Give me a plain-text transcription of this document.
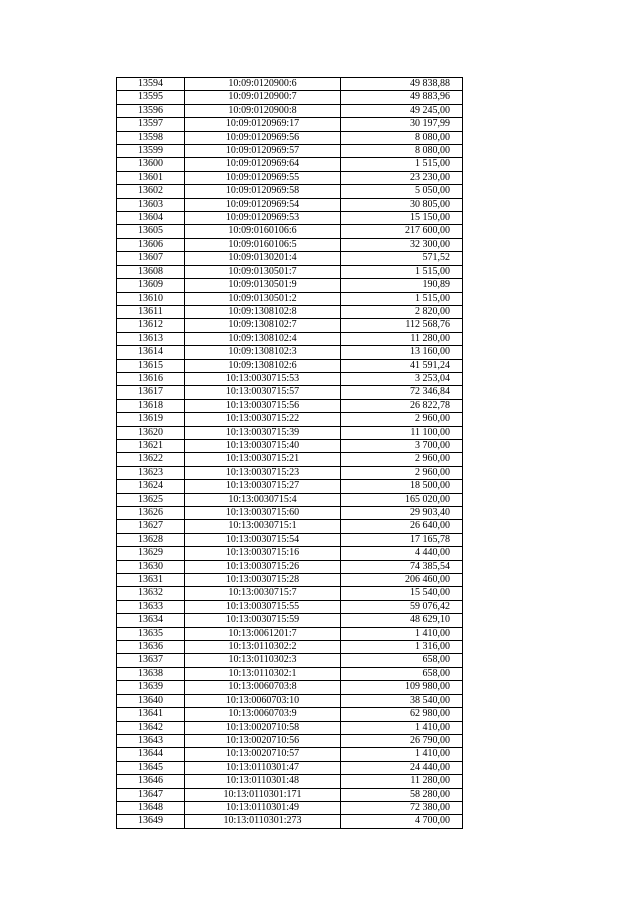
13594	10:09:0120900:6	49 838,88
13595	10:09:0120900:7	49 883,96
13596	10:09:0120900:8	49 245,00
13597	10:09:0120969:17	30 197,99
13598	10:09:0120969:56	8 080,00
13599	10:09:0120969:57	8 080,00
13600	10:09:0120969:64	1 515,00
13601	10:09:0120969:55	23 230,00
13602	10:09:0120969:58	5 050,00
13603	10:09:0120969:54	30 805,00
13604	10:09:0120969:53	15 150,00
13605	10:09:0160106:6	217 600,00
13606	10:09:0160106:5	32 300,00
13607	10:09:0130201:4	571,52
13608	10:09:0130501:7	1 515,00
13609	10:09:0130501:9	190,89
13610	10:09:0130501:2	1 515,00
13611	10:09:1308102:8	2 820,00
13612	10:09:1308102:7	112 568,76
13613	10:09:1308102:4	11 280,00
13614	10:09:1308102:3	13 160,00
13615	10:09:1308102:6	41 591,24
13616	10:13:0030715:53	3 253,04
13617	10:13:0030715:57	72 346,84
13618	10:13:0030715:56	26 822,78
13619	10:13:0030715:22	2 960,00
13620	10:13:0030715:39	11 100,00
13621	10:13:0030715:40	3 700,00
13622	10:13:0030715:21	2 960,00
13623	10:13:0030715:23	2 960,00
13624	10:13:0030715:27	18 500,00
13625	10:13:0030715:4	165 020,00
13626	10:13:0030715:60	29 903,40
13627	10:13:0030715:1	26 640,00
13628	10:13:0030715:54	17 165,78
13629	10:13:0030715:16	4 440,00
13630	10:13:0030715:26	74 385,54
13631	10:13:0030715:28	206 460,00
13632	10:13:0030715:7	15 540,00
13633	10:13:0030715:55	59 076,42
13634	10:13:0030715:59	48 629,10
13635	10:13:0061201:7	1 410,00
13636	10:13:0110302:2	1 316,00
13637	10:13:0110302:3	658,00
13638	10:13:0110302:1	658,00
13639	10:13:0060703:8	109 980,00
13640	10:13:0060703:10	38 540,00
13641	10:13:0060703:9	62 980,00
13642	10:13:0020710:58	1 410,00
13643	10:13:0020710:56	26 790,00
13644	10:13:0020710:57	1 410,00
13645	10:13:0110301:47	24 440,00
13646	10:13:0110301:48	11 280,00
13647	10:13:0110301:171	58 280,00
13648	10:13:0110301:49	72 380,00
13649	10:13:0110301:273	4 700,00
